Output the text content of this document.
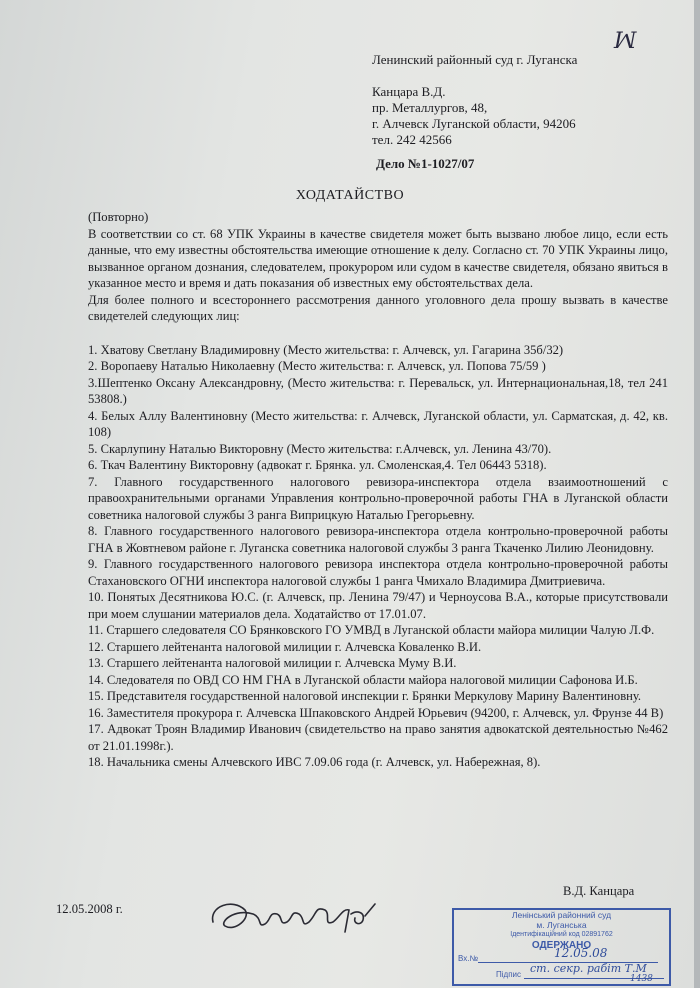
ꟽ
Ленинский районный суд г. Луганска
Канцара В.Д.
пр. Металлургов, 48,
г. Алчевск Луганской области, 94206
тел. 242 42566
Дело №1-1027/07
ХОДАТАЙСТВО

(Повторно)

В соответствии со ст. 68 УПК Украины в качестве свидетеля может быть вызвано любое лицо, если есть данные, что ему известны обстоятельства имеющие отношение к делу. Согласно ст. 70 УПК Украины лицо, вызванное органом дознания, следователем, прокурором или судом в качестве свидетеля, обязано явиться в указанное место и время и дать показания об известных ему обстоятельствах дела.

Для более полного и всестороннего рассмотрения данного уголовного дела прошу вызвать в качестве свидетелей следующих лиц:

1. Хватову Светлану Владимировну (Место жительства: г. Алчевск, ул. Гагарина 35б/32)

2. Воропаеву Наталью Николаевну (Место жительства: г. Алчевск, ул. Попова 75/59 )

3.Шептенко Оксану Александровну, (Место жительства: г. Перевальск, ул. Интернациональная,18, тел 241 53808.)

4. Белых Аллу Валентиновну (Место жительства: г. Алчевск, Луганской области, ул. Сарматская, д. 42, кв. 108)

5. Скарлупину Наталью Викторовну (Место жительства: г.Алчевск, ул. Ленина 43/70).

6. Ткач Валентину Викторовну (адвокат г. Брянка. ул. Смоленская,4. Тел 06443 5318).

7. Главного государственного налогового ревизора-инспектора отдела взаимоотношений с правоохранительными органами Управления контрольно-проверочной работы ГНА в Луганской области советника налоговой службы 3 ранга Виприцкую Наталью Грегорьевну.

8. Главного государственного налогового ревизора-инспектора отдела контрольно-проверочной работы ГНА в Жовтневом районе г. Луганска советника налоговой службы 3 ранга Ткаченко Лилию Леонидовну.

9. Главного государственного налогового ревизора инспектора отдела контрольно-проверочной работы Стахановского ОГНИ инспектора налоговой службы 1 ранга Чмихало Владимира Дмитриевича.

10. Понятых Десятникова Ю.С. (г. Алчевск, пр. Ленина 79/47) и Черноусова В.А., которые присутствовали при моем слушании материалов дела. Ходатайство от 17.01.07.

11. Старшего следователя СО Брянковского ГО УМВД в Луганской области майора милиции Чалую Л.Ф.

12. Старшего лейтенанта налоговой милиции г. Алчевска Коваленко В.И.

13. Старшего лейтенанта налоговой милиции г. Алчевска Муму В.И.

14. Следователя по ОВД СО НМ ГНА в Луганской области майора налоговой милиции Сафонова И.Б.

15. Представителя государственной налоговой инспекции г. Брянки Меркулову Марину Валентиновну.

16. Заместителя прокурора г. Алчевска Шпаковского Андрей Юрьевич (94200, г. Алчевск, ул. Фрунзе 44 В)

17. Адвокат Троян Владимир Иванович (свидетельство на право занятия адвокатской деятельностью №462 от 21.01.1998г.).

18. Начальника смены Алчевского ИВС 7.09.06 года (г. Алчевск, ул. Набережная, 8).

12.05.2008 г.
В.Д. Канцара
Ленінський районний суд
м. Луганська
Ідентифікаційний код 02891762
ОДЕРЖАНО
Вх.№	12.05.08
Підпис ст. секр. рабіт Т.М
1438
